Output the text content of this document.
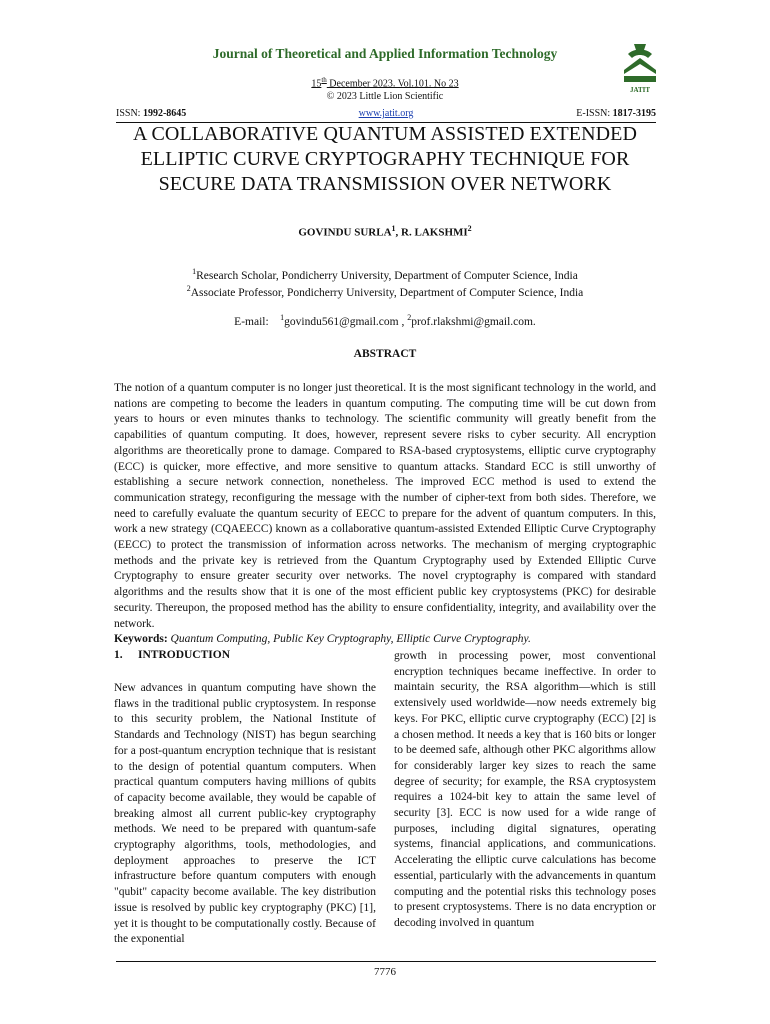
Journal of Theoretical and Applied Information Technology
15th December 2023. Vol.101. No 23
© 2023 Little Lion Scientific
JATIT
ISSN: 1992-8645	www.jatit.org	E-ISSN: 1817-3195
A COLLABORATIVE QUANTUM ASSISTED EXTENDED
ELLIPTIC CURVE CRYPTOGRAPHY TECHNIQUE FOR
SECURE DATA TRANSMISSION OVER NETWORK
GOVINDU SURLA$^1$, R. LAKSHMI$^2$
$^1$Research Scholar, Pondicherry University, Department of Computer Science, India
$^2$Associate Professor, Pondicherry University, Department of Computer Science, India
E-mail: $^1$govindu561@gmail.com , $^2$prof.rlakshmi@gmail.com.
ABSTRACT
The notion of a quantum computer is no longer just theoretical. It is the most significant technology in the world, and nations are competing to become the leaders in quantum computing. The computing time will be cut down from years to hours or even minutes thanks to technology. The scientific community will greatly benefit from the capabilities of quantum computing. It does, however, represent severe risks to cyber security. All encryption algorithms are theoretically prone to damage. Compared to RSA-based cryptosystems, elliptic curve cryptography (ECC) is quicker, more effective, and more sensitive to quantum attacks. Standard ECC is still unworthy of establishing a secure network connection, nonetheless. The improved ECC method is used to extend the communication strategy, reconfiguring the message with the number of cipher-text from both sides. Therefore, we need to carefully evaluate the quantum security of EECC to prepare for the advent of quantum computers. In this, work a new strategy (CQAEECC) known as a collaborative quantum-assisted Extended Elliptic Curve Cryptography (EECC) to protect the transmission of information across networks. The mechanism of merging cryptographic methods and the private key is retrieved from the Quantum Cryptography used by Extended Elliptic Curve Cryptography to ensure greater security over networks. The novel cryptography is compared with standard algorithms and the results show that it is one of the most efficient public key cryptosystems (PKC) for desirable security. Thereupon, the proposed method has the ability to ensure confidentiality, integrity, and availability over the network.
Keywords: Quantum Computing, Public Key Cryptography, Elliptic Curve Cryptography.
1. INTRODUCTION
New advances in quantum computing have shown the flaws in the traditional public cryptosystem. In response to this security problem, the National Institute of Standards and Technology (NIST) has begun searching for a post-quantum encryption technique that is resistant to the design of potential quantum computers. When practical quantum computers having millions of qubits of capacity become available, they would be capable of breaking almost all current public-key cryptography methods. We need to be prepared with quantum-safe cryptography algorithms, tools, methodologies, and deployment approaches to preserve the ICT infrastructure before quantum computers with enough "qubit" capacity become available. The key distribution issue is resolved by public key cryptography (PKC) [1], yet it is thought to be computationally costly. Because of the exponential
growth in processing power, most conventional encryption techniques became ineffective. In order to maintain security, the RSA algorithm—which is still extensively used worldwide—now needs extremely big keys. For PKC, elliptic curve cryptography (ECC) [2] is a chosen method. It needs a key that is 160 bits or longer to be deemed safe, although other PKC algorithms allow for considerably larger key sizes to reach the same degree of security; for example, the RSA cryptosystem requires a 1024-bit key to attain the same level of security [3]. ECC is now used for a wide range of purposes, including digital signatures, operating systems, financial applications, and communications. Accelerating the elliptic curve calculations has become essential, particularly with the advancements in quantum computing and the potential risks this technology poses to present cryptosystems. There is no data encryption or decoding involved in quantum
7776
